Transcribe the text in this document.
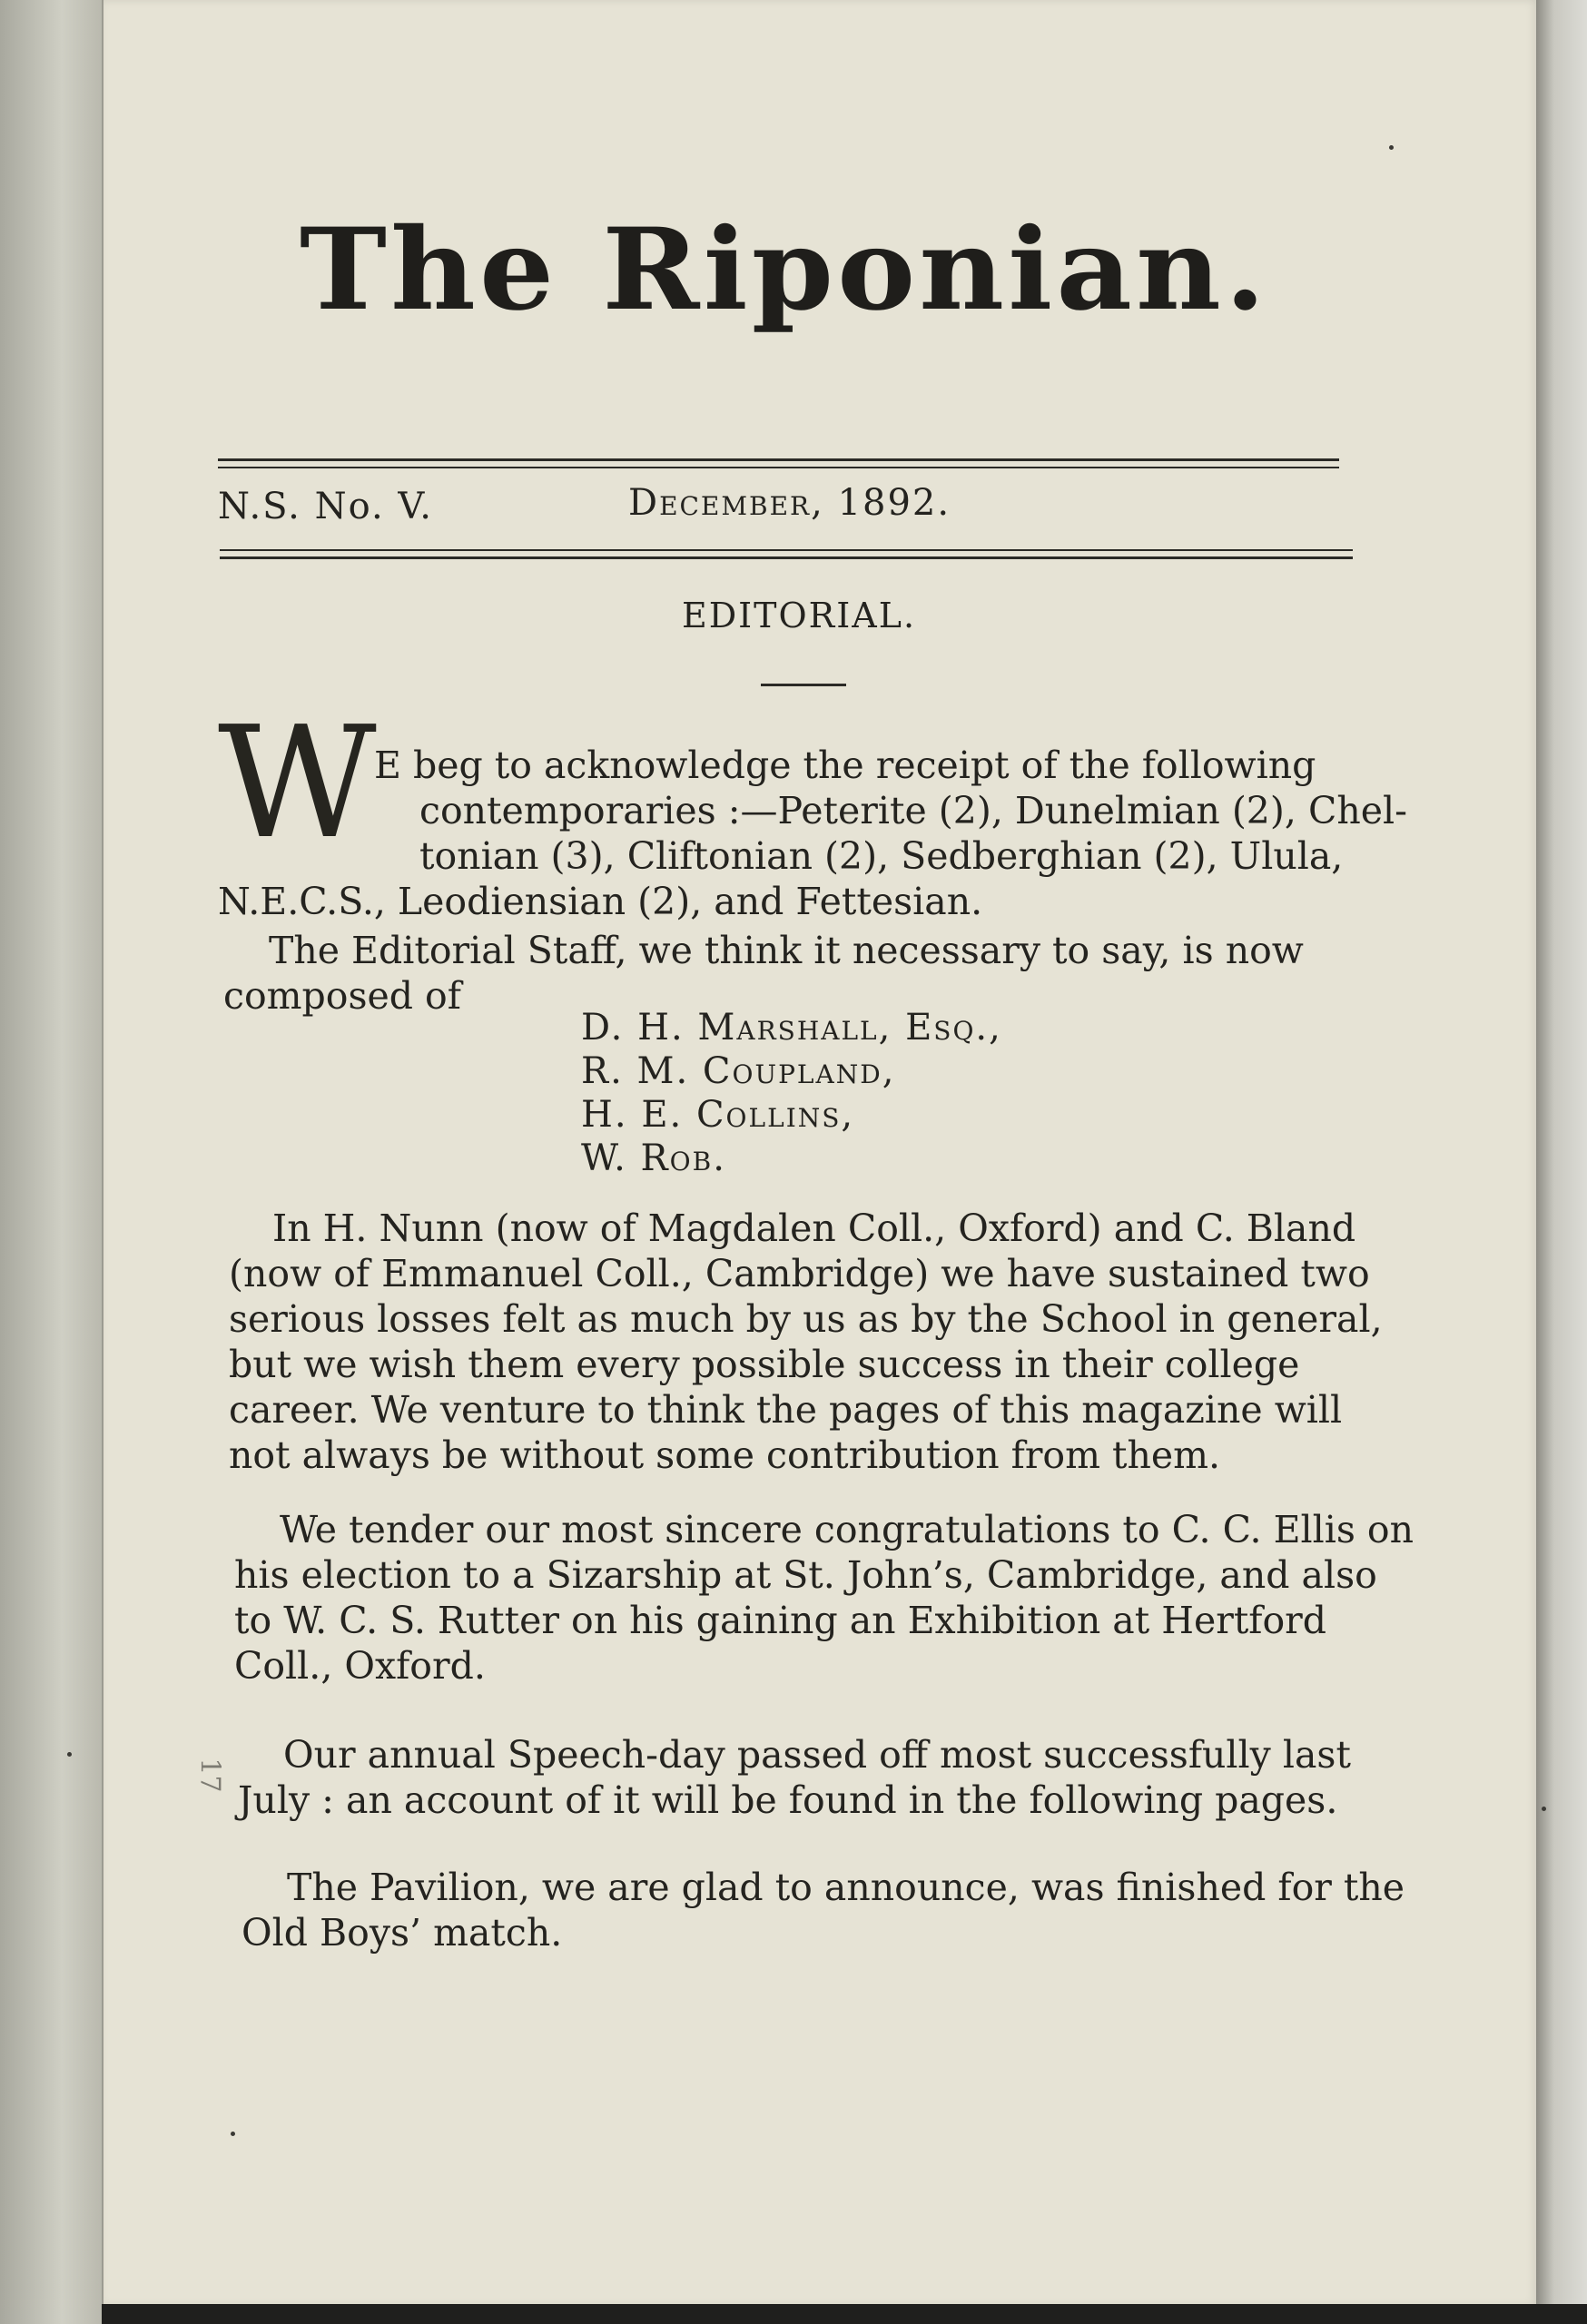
The Riponian.
N.S. No. V.	December, 1892.
EDITORIAL.
W
E beg to acknowledge the receipt of the following
contemporaries :—Peterite (2), Dunelmian (2), Chel-
tonian (3), Cliftonian (2), Sedberghian (2), Ulula,
N.E.C.S., Leodiensian (2), and Fettesian.
The Editorial Staff, we think it necessary to say, is now
composed of
D. H. Marshall, Esq.,
R. M. Coupland,
H. E. Collins,
W. Rob.
In H. Nunn (now of Magdalen Coll., Oxford) and C. Bland
(now of Emmanuel Coll., Cambridge) we have sustained two
serious losses felt as much by us as by the School in general,
but we wish them every possible success in their college
career. We venture to think the pages of this magazine will
not always be without some contribution from them.
We tender our most sincere congratulations to C. C. Ellis on
his election to a Sizarship at St. John’s, Cambridge, and also
to W. C. S. Rutter on his gaining an Exhibition at Hertford
Coll., Oxford.
17 Our annual Speech-day passed off most successfully last
July : an account of it will be found in the following pages.
The Pavilion, we are glad to announce, was finished for the
Old Boys’ match.
